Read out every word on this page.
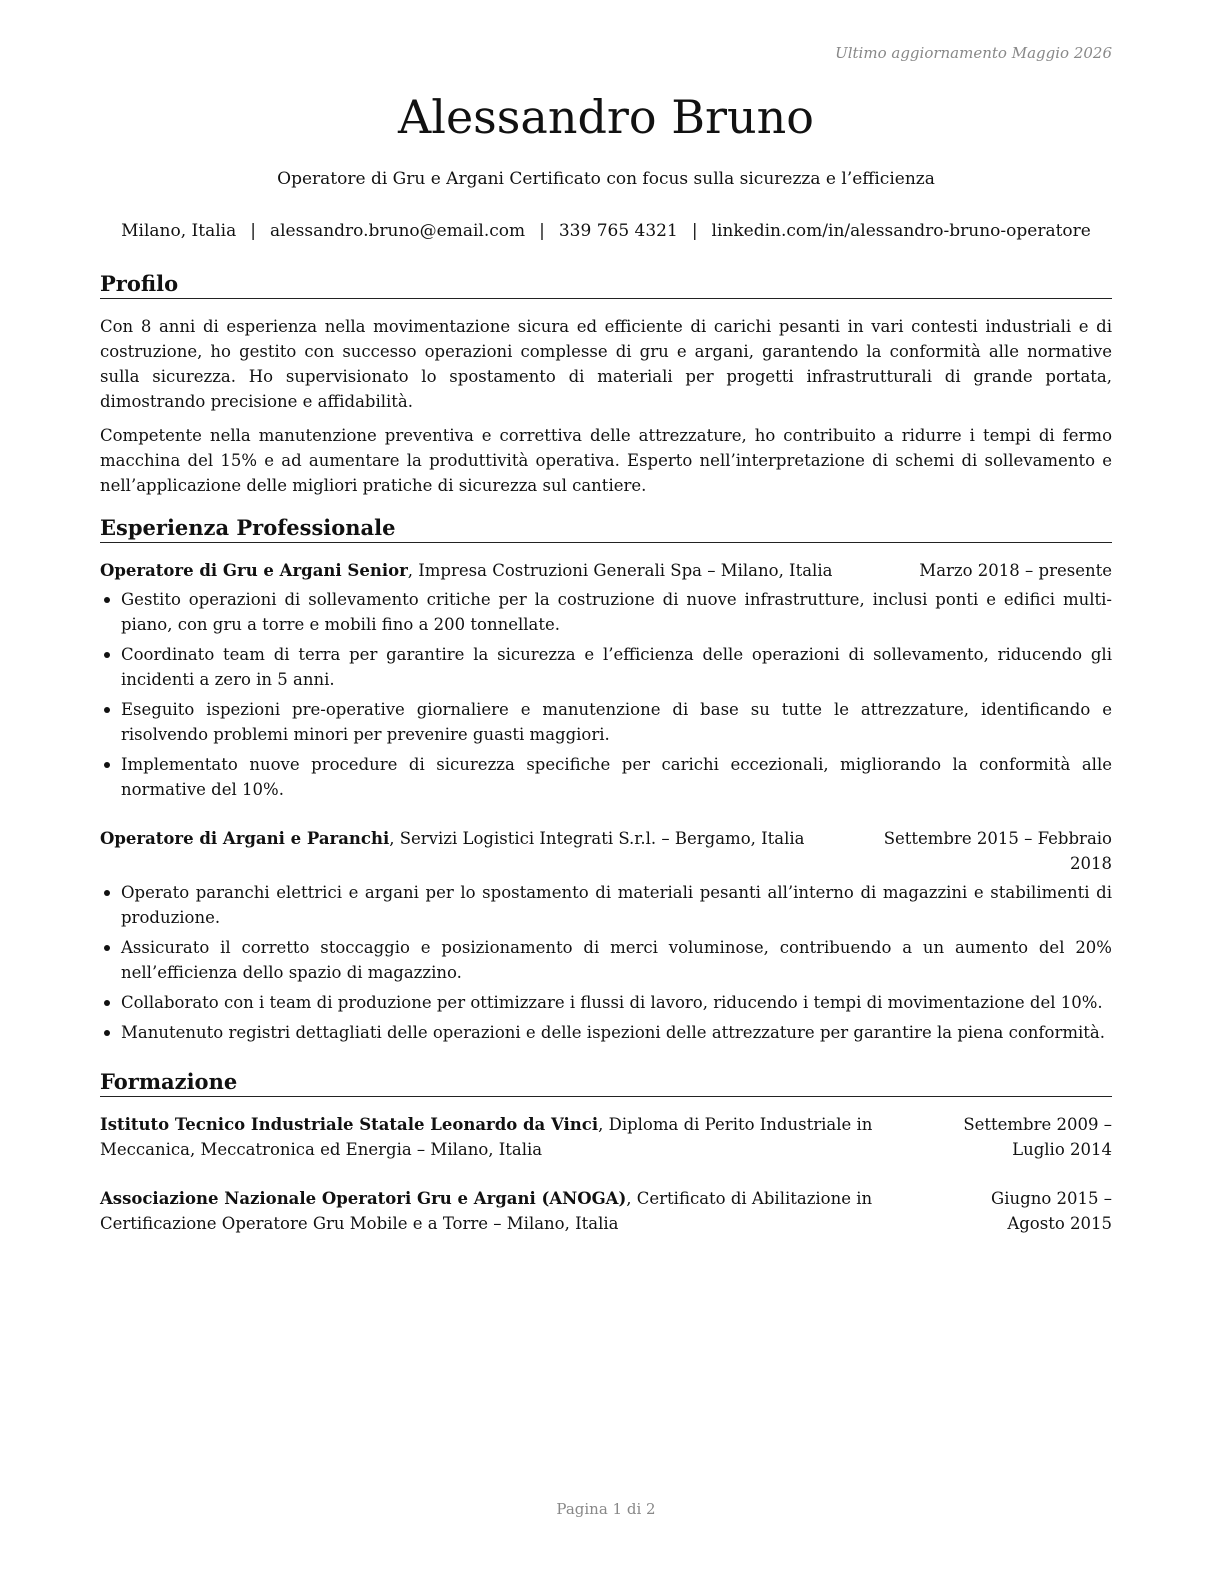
Ultimo aggiornamento Maggio 2026
Alessandro Bruno
Operatore di Gru e Argani Certificato con focus sulla sicurezza e l’efficienza
Milano, Italia | alessandro.bruno@email.com | 339 765 4321 | linkedin.com/in/alessandro-bruno-operatore
Profilo

Con 8 anni di esperienza nella movimentazione sicura ed efficiente di carichi pesanti in vari contesti industriali e di costruzione, ho gestito con successo operazioni complesse di gru e argani, garantendo la conformità alle normative sulla sicurezza. Ho supervisionato lo spostamento di materiali per progetti infrastrutturali di grande portata, dimostrando precisione e affidabilità.

Competente nella manutenzione preventiva e correttiva delle attrezzature, ho contribuito a ridurre i tempi di fermo macchina del 15% e ad aumentare la produttività operativa. Esperto nell’interpretazione di schemi di sollevamento e nell’applicazione delle migliori pratiche di sicurezza sul cantiere.

Esperienza Professionale
Operatore di Gru e Argani Senior, Impresa Costruzioni Generali Spa – Milano, Italia	Marzo 2018 – presente
Gestito operazioni di sollevamento critiche per la costruzione di nuove infrastrutture, inclusi ponti e edifici multi-piano, con gru a torre e mobili fino a 200 tonnellate.
Coordinato team di terra per garantire la sicurezza e l’efficienza delle operazioni di sollevamento, riducendo gli incidenti a zero in 5 anni.
Eseguito ispezioni pre-operative giornaliere e manutenzione di base su tutte le attrezzature, identificando e risolvendo problemi minori per prevenire guasti maggiori.
Implementato nuove procedure di sicurezza specifiche per carichi eccezionali, migliorando la conformità alle normative del 10%.
Operatore di Argani e Paranchi, Servizi Logistici Integrati S.r.l. – Bergamo, Italia	Settembre 2015 – Febbraio 2018
Operato paranchi elettrici e argani per lo spostamento di materiali pesanti all’interno di magazzini e stabilimenti di produzione.
Assicurato il corretto stoccaggio e posizionamento di merci voluminose, contribuendo a un aumento del 20% nell’efficienza dello spazio di magazzino.
Collaborato con i team di produzione per ottimizzare i flussi di lavoro, riducendo i tempi di movimentazione del 10%.
Manutenuto registri dettagliati delle operazioni e delle ispezioni delle attrezzature per garantire la piena conformità.
Formazione
Istituto Tecnico Industriale Statale Leonardo da Vinci, Diploma di Perito Industriale in Meccanica, Meccatronica ed Energia – Milano, Italia
Settembre 2009 – Luglio 2014
Associazione Nazionale Operatori Gru e Argani (ANOGA), Certificato di Abilitazione in Certificazione Operatore Gru Mobile e a Torre – Milano, Italia
Giugno 2015 – Agosto 2015
Pagina 1 di 2
